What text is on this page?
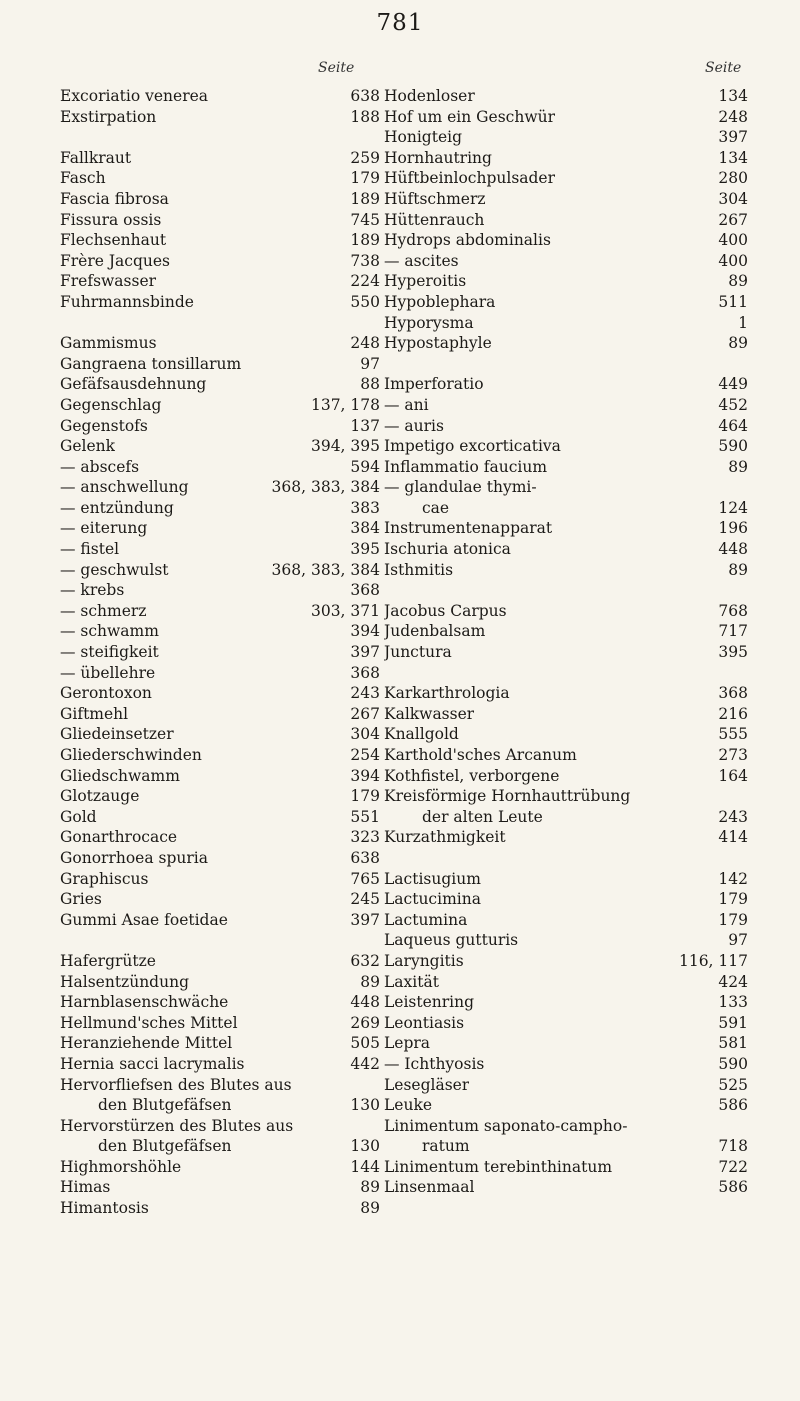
781
Seite	Seite
Excoriatio venerea	638
Exstirpation	188
Fallkraut	259
Fasch	179
Fascia fibrosa	189
Fissura ossis	745
Flechsenhaut	189
Frère Jacques	738
Frefswasser	224
Fuhrmannsbinde	550
Gammismus	248
Gangraena tonsillarum	97
Gefäfsausdehnung	88
Gegenschlag	137, 178
Gegenstofs	137
Gelenk	394, 395
— abscefs	594
— anschwellung	368, 383, 384
— entzündung	383
— eiterung	384
— fistel	395
— geschwulst	368, 383, 384
— krebs	368
— schmerz	303, 371
— schwamm	394
— steifigkeit	397
— übellehre	368
Gerontoxon	243
Giftmehl	267
Gliedeinsetzer	304
Gliederschwinden	254
Gliedschwamm	394
Glotzauge	179
Gold	551
Gonarthrocace	323
Gonorrhoea spuria	638
Graphiscus	765
Gries	245
Gummi Asae foetidae	397
Hafergrütze	632
Halsentzündung	89
Harnblasenschwäche	448
Hellmund'sches Mittel	269
Heranziehende Mittel	505
Hernia sacci lacrymalis	442
Hervorfliefsen des Blutes aus
den Blutgefäfsen	130
Hervorstürzen des Blutes aus
den Blutgefäfsen	130
Highmorshöhle	144
Himas	89
Himantosis	89
Hodenloser	134
Hof um ein Geschwür	248
Honigteig	397
Hornhautring	134
Hüftbeinlochpulsader	280
Hüftschmerz	304
Hüttenrauch	267
Hydrops abdominalis	400
— ascites	400
Hyperoitis	89
Hypoblephara	511
Hyporysma	1
Hypostaphyle	89
Imperforatio	449
— ani	452
— auris	464
Impetigo excorticativa	590
Inflammatio faucium	89
— glandulae thymi-
cae	124
Instrumentenapparat	196
Ischuria atonica	448
Isthmitis	89
Jacobus Carpus	768
Judenbalsam	717
Junctura	395
Karkarthrologia	368
Kalkwasser	216
Knallgold	555
Karthold'sches Arcanum	273
Kothfistel, verborgene	164
Kreisförmige Hornhauttrübung
der alten Leute	243
Kurzathmigkeit	414
Lactisugium	142
Lactucimina	179
Lactumina	179
Laqueus gutturis	97
Laryngitis	116, 117
Laxität	424
Leistenring	133
Leontiasis	591
Lepra	581
— Ichthyosis	590
Lesegläser	525
Leuke	586
Linimentum saponato-campho-
ratum	718
Linimentum terebinthinatum	722
Linsenmaal	586
